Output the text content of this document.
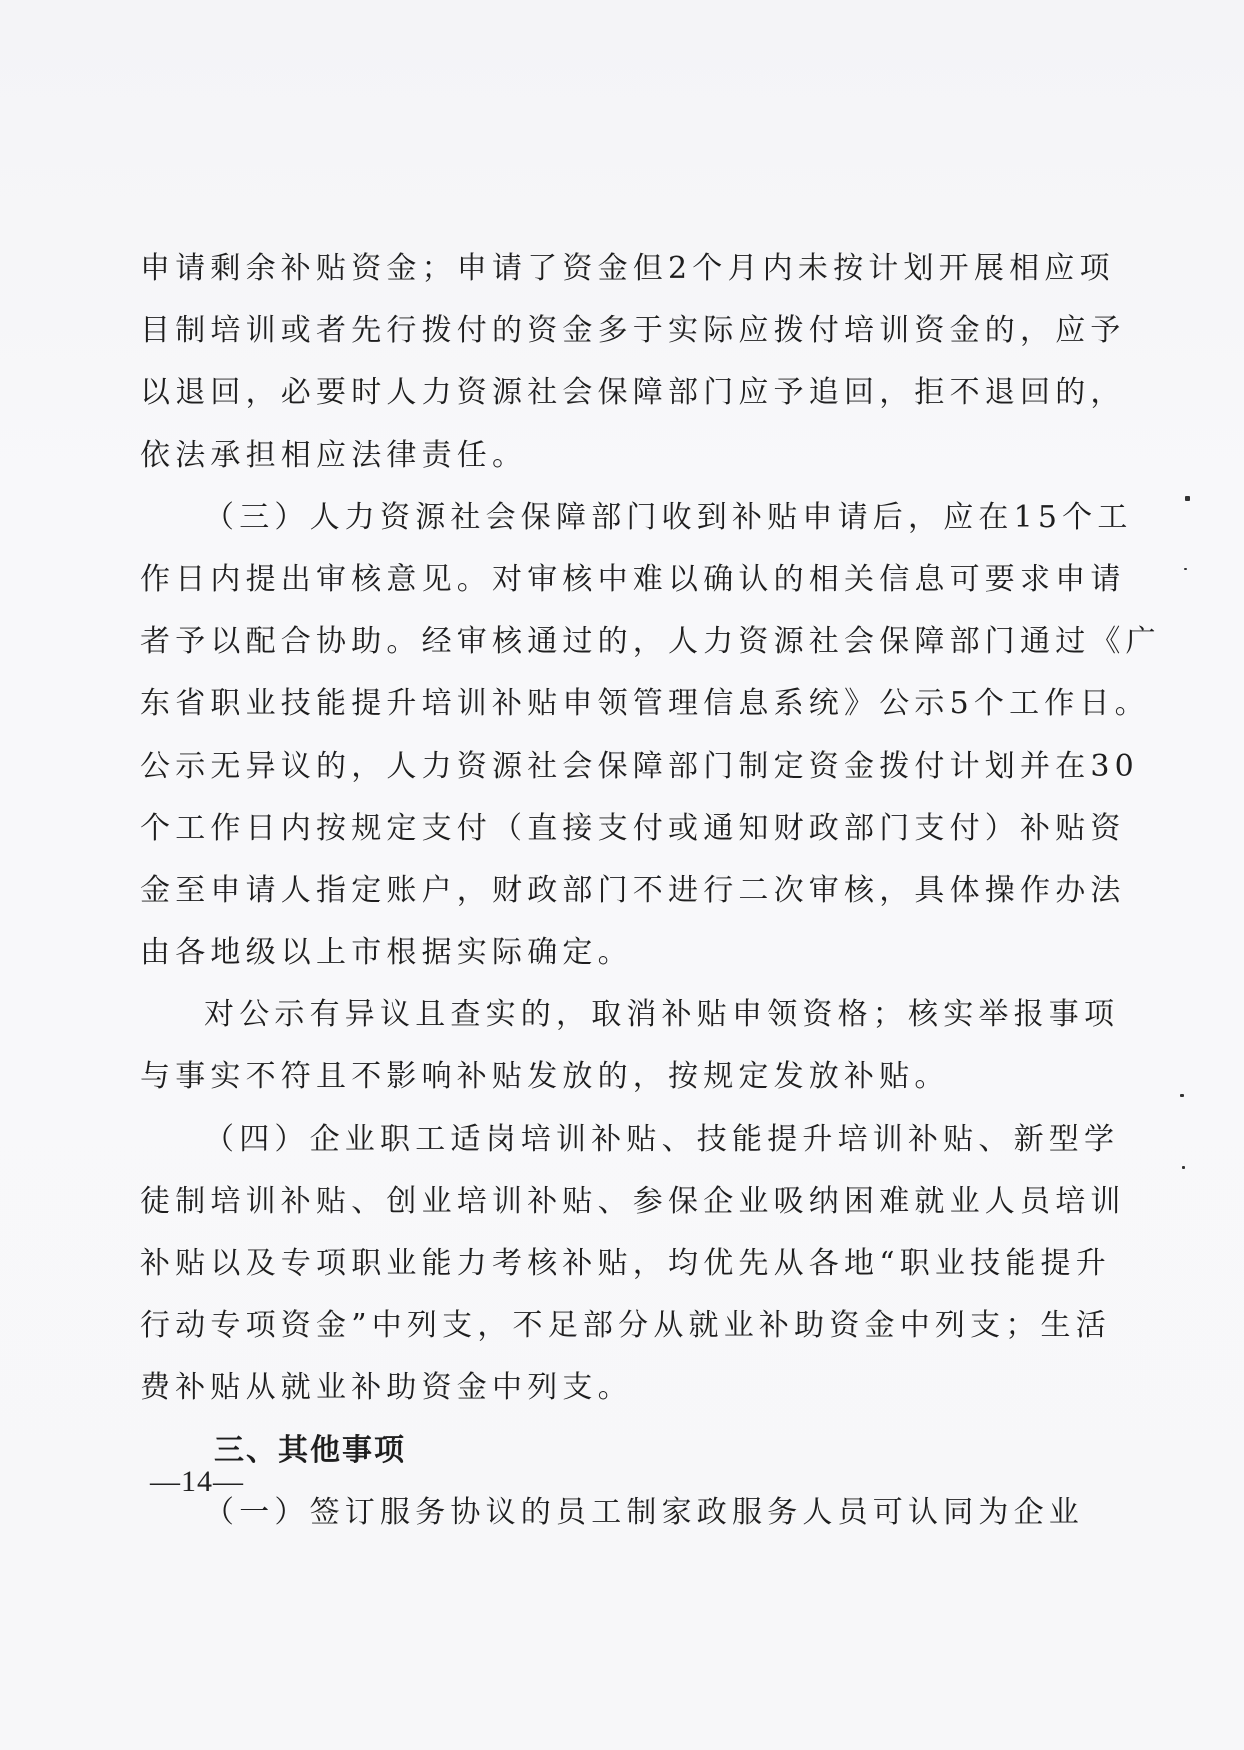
申请剩余补贴资金；申请了资金但2个月内未按计划开展相应项
目制培训或者先行拨付的资金多于实际应拨付培训资金的，应予
以退回，必要时人力资源社会保障部门应予追回，拒不退回的，
依法承担相应法律责任。
（三）人力资源社会保障部门收到补贴申请后，应在15个工
作日内提出审核意见。对审核中难以确认的相关信息可要求申请
者予以配合协助。经审核通过的，人力资源社会保障部门通过《广
东省职业技能提升培训补贴申领管理信息系统》公示5个工作日。
公示无异议的，人力资源社会保障部门制定资金拨付计划并在30
个工作日内按规定支付（直接支付或通知财政部门支付）补贴资
金至申请人指定账户，财政部门不进行二次审核，具体操作办法
由各地级以上市根据实际确定。
对公示有异议且查实的，取消补贴申领资格；核实举报事项
与事实不符且不影响补贴发放的，按规定发放补贴。
（四）企业职工适岗培训补贴、技能提升培训补贴、新型学
徒制培训补贴、创业培训补贴、参保企业吸纳困难就业人员培训
补贴以及专项职业能力考核补贴，均优先从各地“职业技能提升
行动专项资金”中列支，不足部分从就业补助资金中列支；生活
费补贴从就业补助资金中列支。
三、其他事项
（一）签订服务协议的员工制家政服务人员可认同为企业
—14—
